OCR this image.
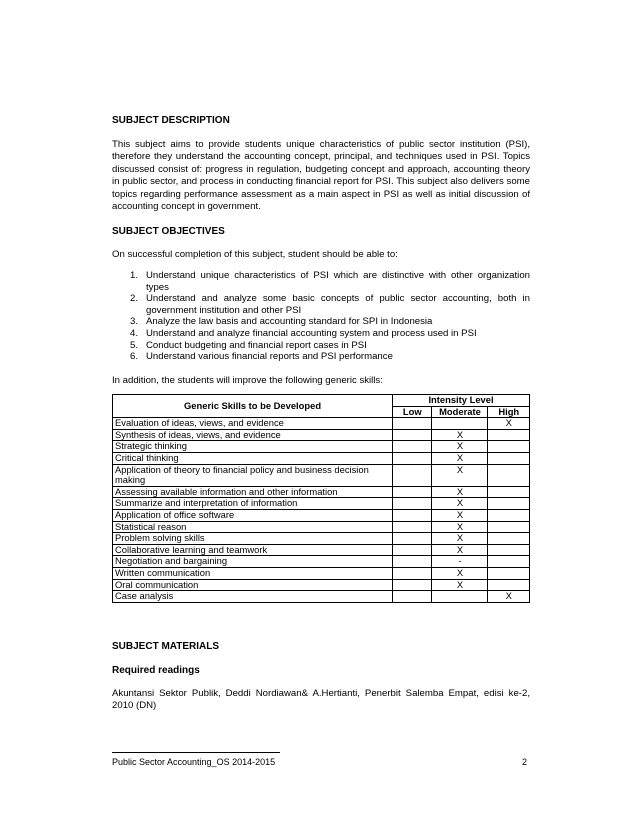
SUBJECT DESCRIPTION
This subject aims to provide students unique characteristics of public sector institution (PSI), therefore they understand the accounting concept, principal, and techniques used in PSI. Topics discussed consist of: progress in regulation, budgeting concept and approach, accounting theory in public sector, and process in conducting financial report for PSI. This subject also delivers some topics regarding performance assessment as a main aspect in PSI as well as initial discussion of accounting concept in government.
SUBJECT OBJECTIVES
On successful completion of this subject, student should be able to:
1. Understand unique characteristics of PSI which are distinctive with other organization types
2. Understand and analyze some basic concepts of public sector accounting, both in government institution and other PSI
3. Analyze the law basis and accounting standard for SPI in Indonesia
4. Understand and analyze financial accounting system and process used in PSI
5. Conduct budgeting and financial report cases in PSI
6. Understand various financial reports and PSI performance
In addition, the students will improve the following generic skills:
Generic Skills to be Developed	Intensity Level		
	Low	Moderate	High
Evaluation of ideas, views, and evidence			X
Synthesis of ideas, views, and evidence		X	
Strategic thinking		X	
Critical thinking		X	
Application of theory to financial policy and business decision making		X	
Assessing available information and other information		X	
Summarize and interpretation of information		X	
Application of office software		X	
Statistical reason		X	
Problem solving skills		X	
Collaborative learning and teamwork		X	
Negotiation and bargaining		-	
Written communication		X	
Oral communication		X	
Case analysis			X
SUBJECT MATERIALS
Required readings
Akuntansi Sektor Publik, Deddi Nordiawan& A.Hertianti, Penerbit Salemba Empat, edisi ke-2, 2010 (DN)
Public Sector Accounting_OS 2014-2015	2
